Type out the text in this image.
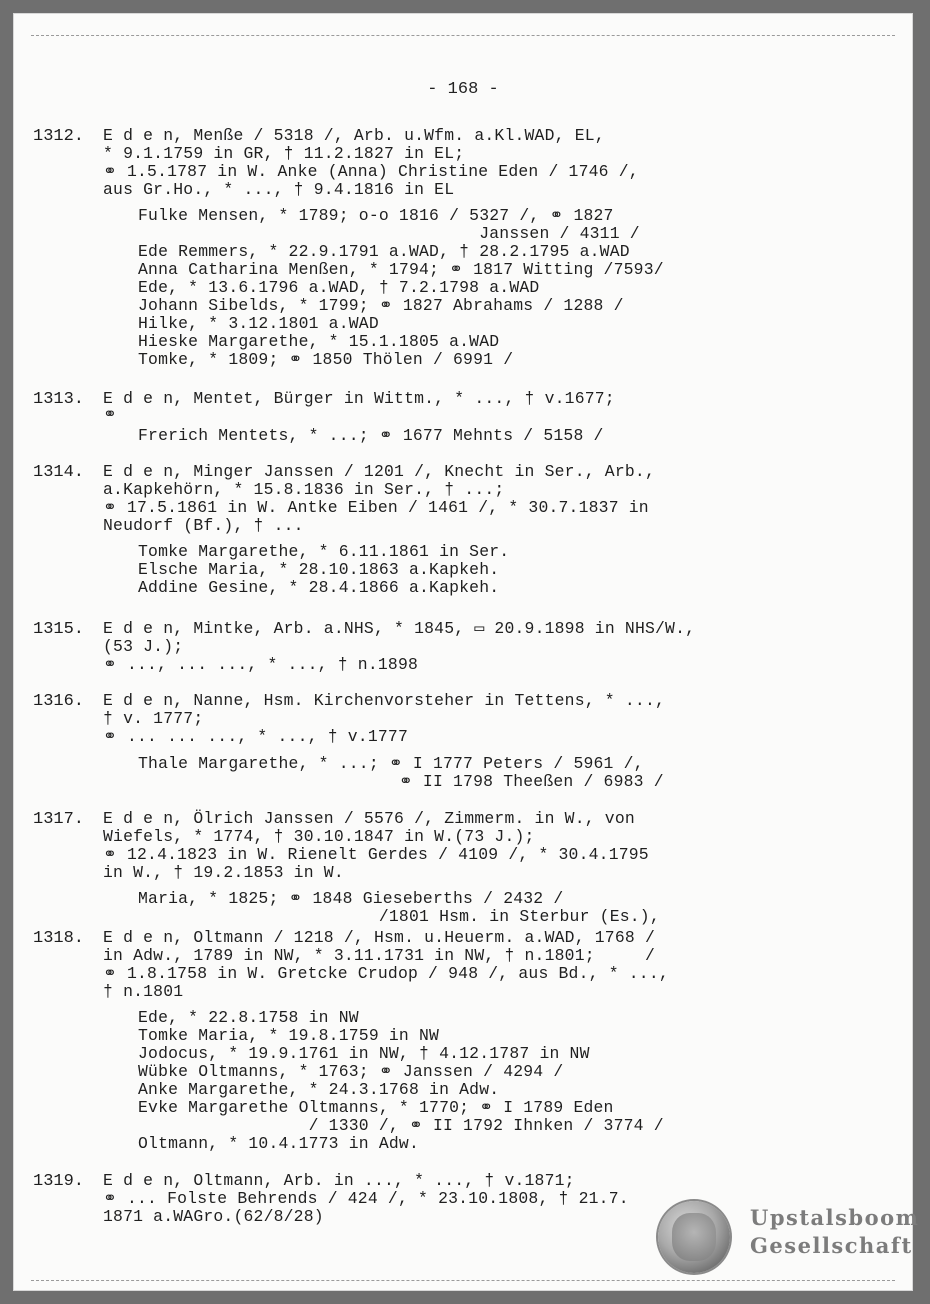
- 168 -
1312. E d e n, Menße / 5318 /, Arb. u.Wfm. a.Kl.WAD, EL,
* 9.1.1759 in GR, † 11.2.1827 in EL;
⚭ 1.5.1787 in W. Anke (Anna) Christine Eden / 1746 /,
aus Gr.Ho., * ..., † 9.4.1816 in EL
Fulke Mensen, * 1789; o-o 1816 / 5327 /, ⚭ 1827
Janssen / 4311 /
Ede Remmers, * 22.9.1791 a.WAD, † 28.2.1795 a.WAD
Anna Catharina Menßen, * 1794; ⚭ 1817 Witting /7593/
Ede, * 13.6.1796 a.WAD, † 7.2.1798 a.WAD
Johann Sibelds, * 1799; ⚭ 1827 Abrahams / 1288 /
Hilke, * 3.12.1801 a.WAD
Hieske Margarethe, * 15.1.1805 a.WAD
Tomke, * 1809; ⚭ 1850 Thölen / 6991 /
1313. E d e n, Mentet, Bürger in Wittm., * ..., † v.1677;
⚭
Frerich Mentets, * ...; ⚭ 1677 Mehnts / 5158 /
1314. E d e n, Minger Janssen / 1201 /, Knecht in Ser., Arb.,
a.Kapkehörn, * 15.8.1836 in Ser., † ...;
⚭ 17.5.1861 in W. Antke Eiben / 1461 /, * 30.7.1837 in
Neudorf (Bf.), † ...
Tomke Margarethe, * 6.11.1861 in Ser.
Elsche Maria, * 28.10.1863 a.Kapkeh.
Addine Gesine, * 28.4.1866 a.Kapkeh.
1315. E d e n, Mintke, Arb. a.NHS, * 1845, ▭ 20.9.1898 in NHS/W.,
(53 J.);
⚭ ..., ... ..., * ..., † n.1898
1316. E d e n, Nanne, Hsm. Kirchenvorsteher in Tettens, * ...,
† v. 1777;
⚭ ... ... ..., * ..., † v.1777
Thale Margarethe, * ...; ⚭ I 1777 Peters / 5961 /,
⚭ II 1798 Theeßen / 6983 /
1317. E d e n, Ölrich Janssen / 5576 /, Zimmerm. in W., von
Wiefels, * 1774, † 30.10.1847 in W.(73 J.);
⚭ 12.4.1823 in W. Rienelt Gerdes / 4109 /, * 30.4.1795
in W., † 19.2.1853 in W.
Maria, * 1825; ⚭ 1848 Gieseberths / 2432 /
/1801 Hsm. in Sterbur (Es.),
1318. E d e n, Oltmann / 1218 /, Hsm. u.Heuerm. a.WAD, 1768 /
in Adw., 1789 in NW, * 3.11.1731 in NW, † n.1801;     /
⚭ 1.8.1758 in W. Gretcke Crudop / 948 /, aus Bd., * ...,
† n.1801
Ede, * 22.8.1758 in NW
Tomke Maria, * 19.8.1759 in NW
Jodocus, * 19.9.1761 in NW, † 4.12.1787 in NW
Wübke Oltmanns, * 1763; ⚭ Janssen / 4294 /
Anke Margarethe, * 24.3.1768 in Adw.
Evke Margarethe Oltmanns, * 1770; ⚭ I 1789 Eden
/ 1330 /, ⚭ II 1792 Ihnken / 3774 /
Oltmann, * 10.4.1773 in Adw.
1319. E d e n, Oltmann, Arb. in ..., * ..., † v.1871;
⚭ ... Folste Behrends / 424 /, * 23.10.1808, † 21.7.
1871 a.WAGro.(62/8/28)	Upstalsboom
Gesellschaft
